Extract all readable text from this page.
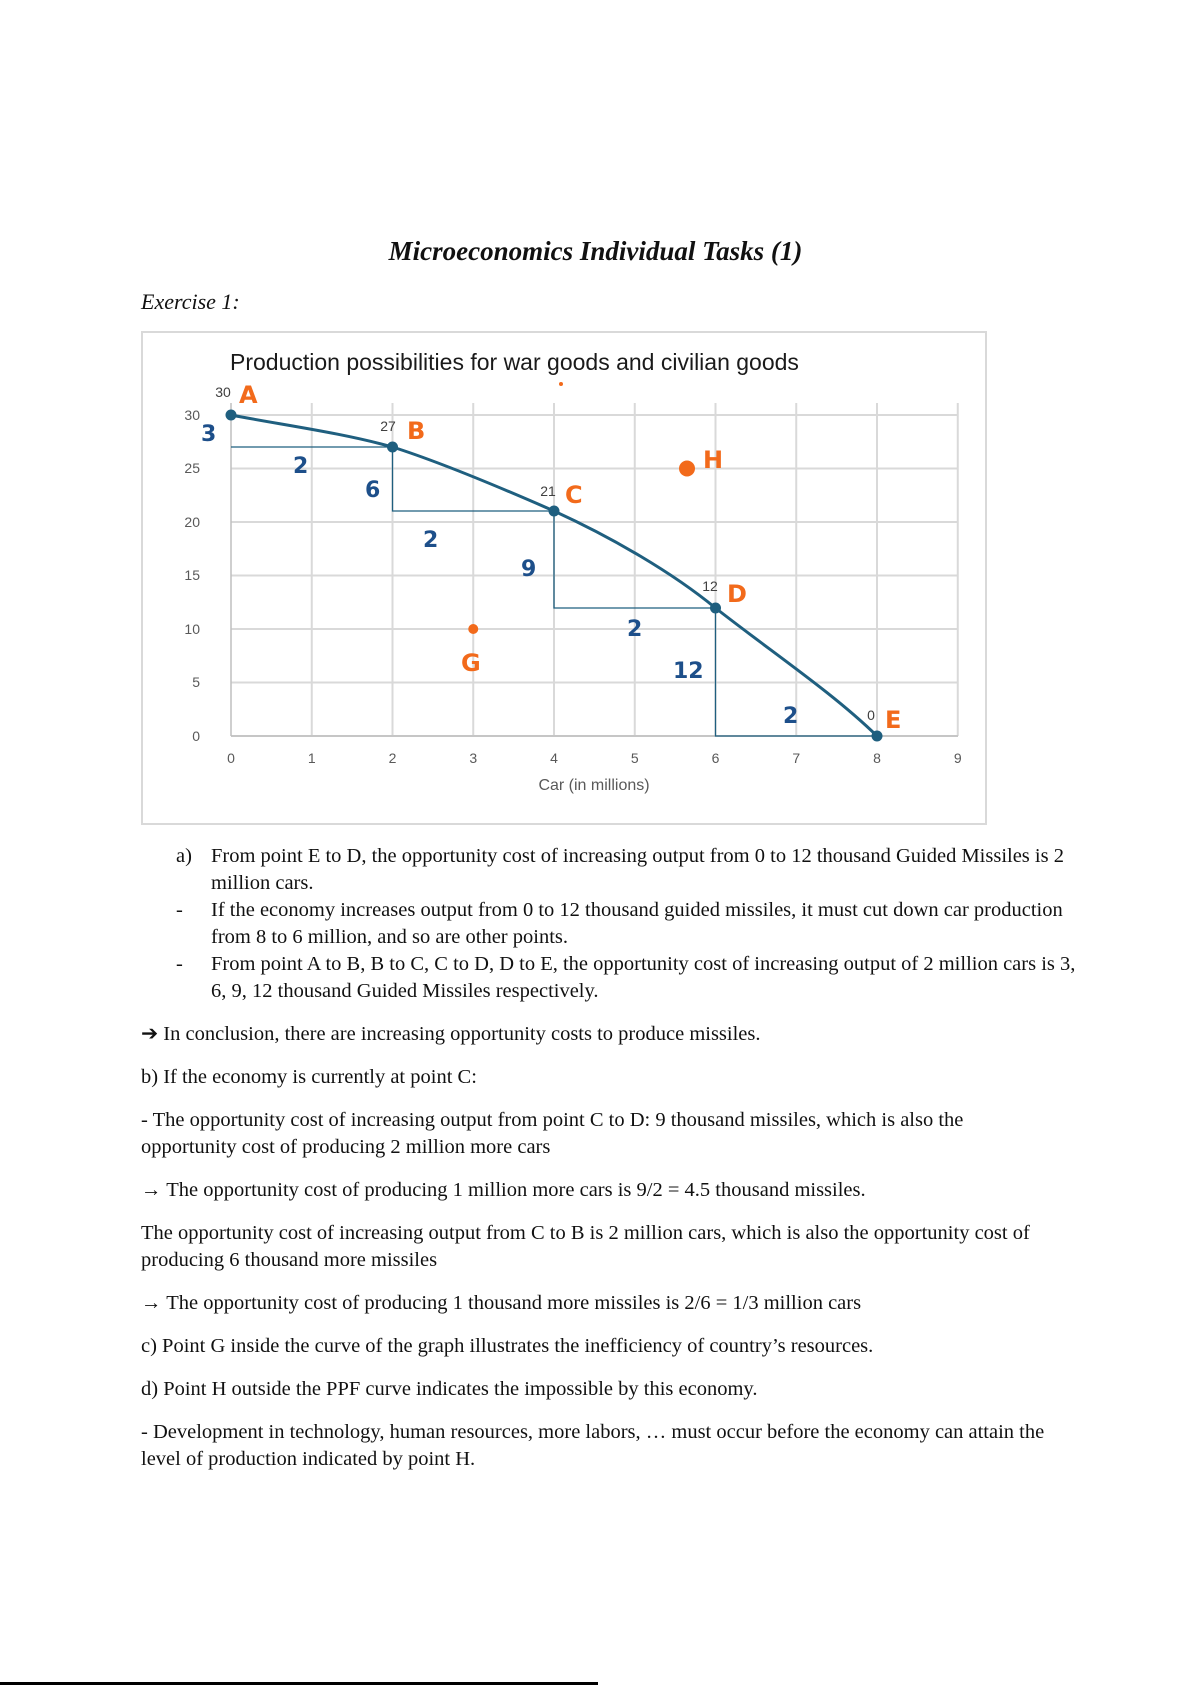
Microeconomics Individual Tasks (1)
Exercise 1:
Production possibilities for war goods and civilian goods
0
5
10
15
20
25
30
0	1	2	3	4	5	6	7	8	9
Car (in millions)
30
27
21
12
0
A
B
C
D
E
G
H
3
2
6
2
9
2
12
2
a) From point E to D, the opportunity cost of increasing output from 0 to 12 thousand Guided Missiles is 2 million cars.
-	If the economy increases output from 0 to 12 thousand guided missiles, it must cut down car production from 8 to 6 million, and so are other points.
-	From point A to B, B to C, C to D, D to E, the opportunity cost of increasing output of 2 million cars is 3, 6, 9, 12 thousand Guided Missiles respectively.
➔ In conclusion, there are increasing opportunity costs to produce missiles.
b) If the economy is currently at point C:
- The opportunity cost of increasing output from point C to D: 9 thousand missiles, which is also the opportunity cost of producing 2 million more cars
→ The opportunity cost of producing 1 million more cars is 9/2 = 4.5 thousand missiles.
The opportunity cost of increasing output from C to B is 2 million cars, which is also the opportunity cost of producing 6 thousand more missiles
→ The opportunity cost of producing 1 thousand more missiles is 2/6 = 1/3 million cars
c) Point G inside the curve of the graph illustrates the inefficiency of country’s resources.
d) Point H outside the PPF curve indicates the impossible by this economy.
- Development in technology, human resources, more labors, … must occur before the economy can attain the level of production indicated by point H.
